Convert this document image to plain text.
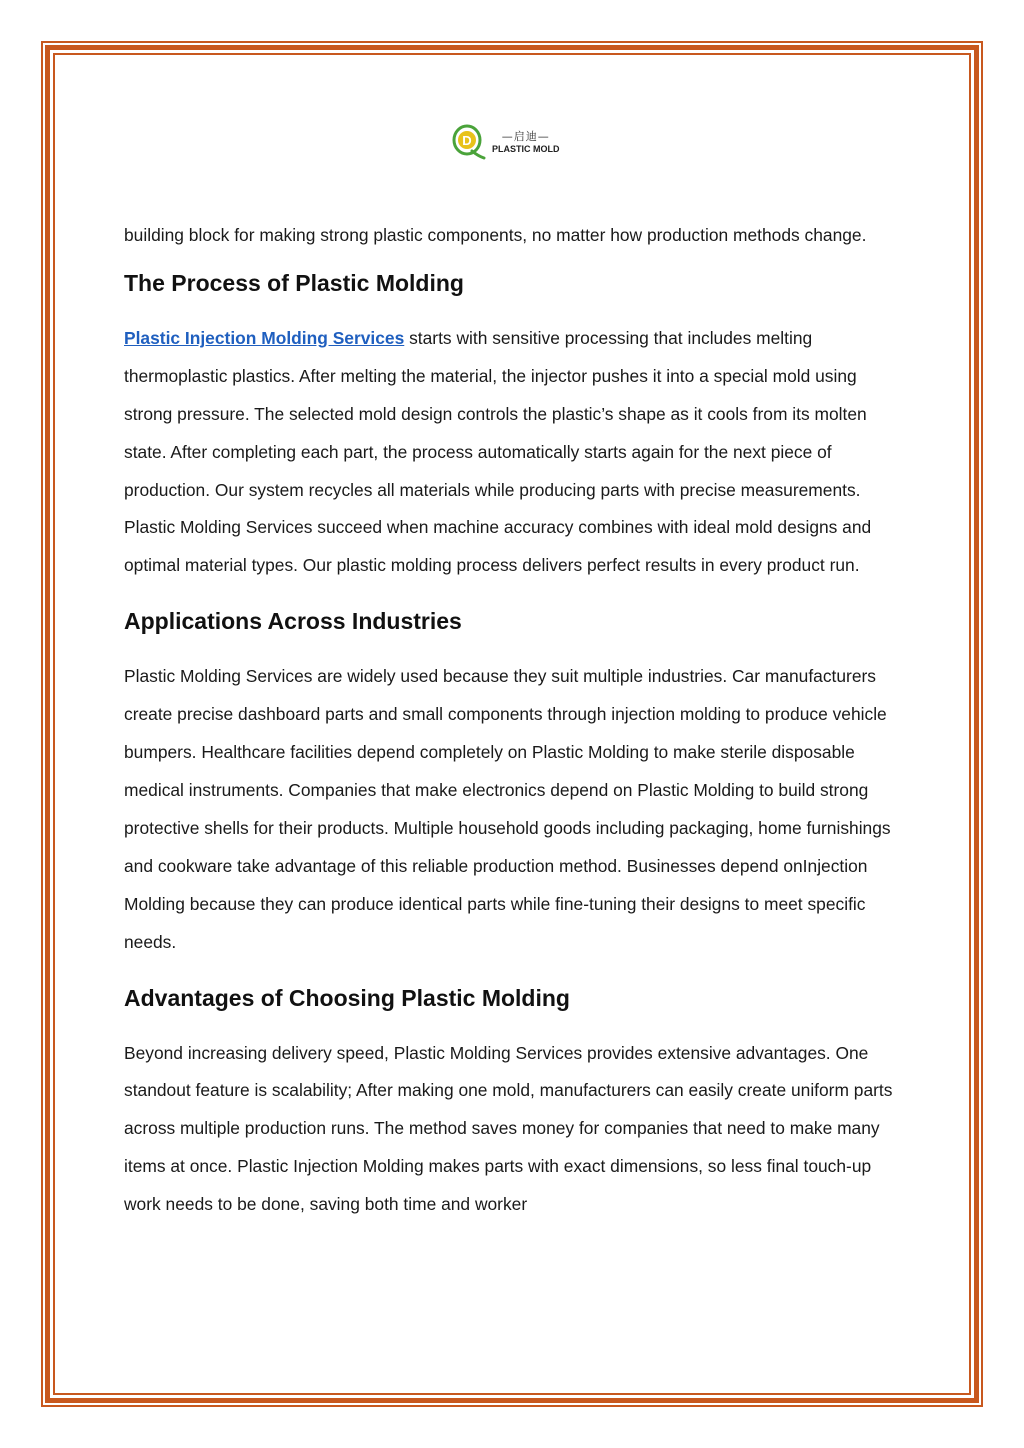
D	—启迪—
PLASTIC MOLD

building block for making strong plastic components, no matter how production methods change.

The Process of Plastic Molding

Plastic Injection Molding Services starts with sensitive processing that includes melting thermoplastic plastics. After melting the material, the injector pushes it into a special mold using strong pressure. The selected mold design controls the plastic’s shape as it cools from its molten state. After completing each part, the process automatically starts again for the next piece of production. Our system recycles all materials while producing parts with precise measurements. Plastic Molding Services succeed when machine accuracy combines with ideal mold designs and optimal material types. Our plastic molding process delivers perfect results in every product run.

Applications Across Industries

Plastic Molding Services are widely used because they suit multiple industries. Car manufacturers create precise dashboard parts and small components through injection molding to produce vehicle bumpers. Healthcare facilities depend completely on Plastic Molding to make sterile disposable medical instruments. Companies that make electronics depend on Plastic Molding to build strong protective shells for their products. Multiple household goods including packaging, home furnishings and cookware take advantage of this reliable production method. Businesses depend onInjection Molding because they can produce identical parts while fine-tuning their designs to meet specific needs.

Advantages of Choosing Plastic Molding

Beyond increasing delivery speed, Plastic Molding Services provides extensive advantages. One standout feature is scalability; After making one mold, manufacturers can easily create uniform parts across multiple production runs. The method saves money for companies that need to make many items at once. Plastic Injection Molding makes parts with exact dimensions, so less final touch-up work needs to be done, saving both time and worker
